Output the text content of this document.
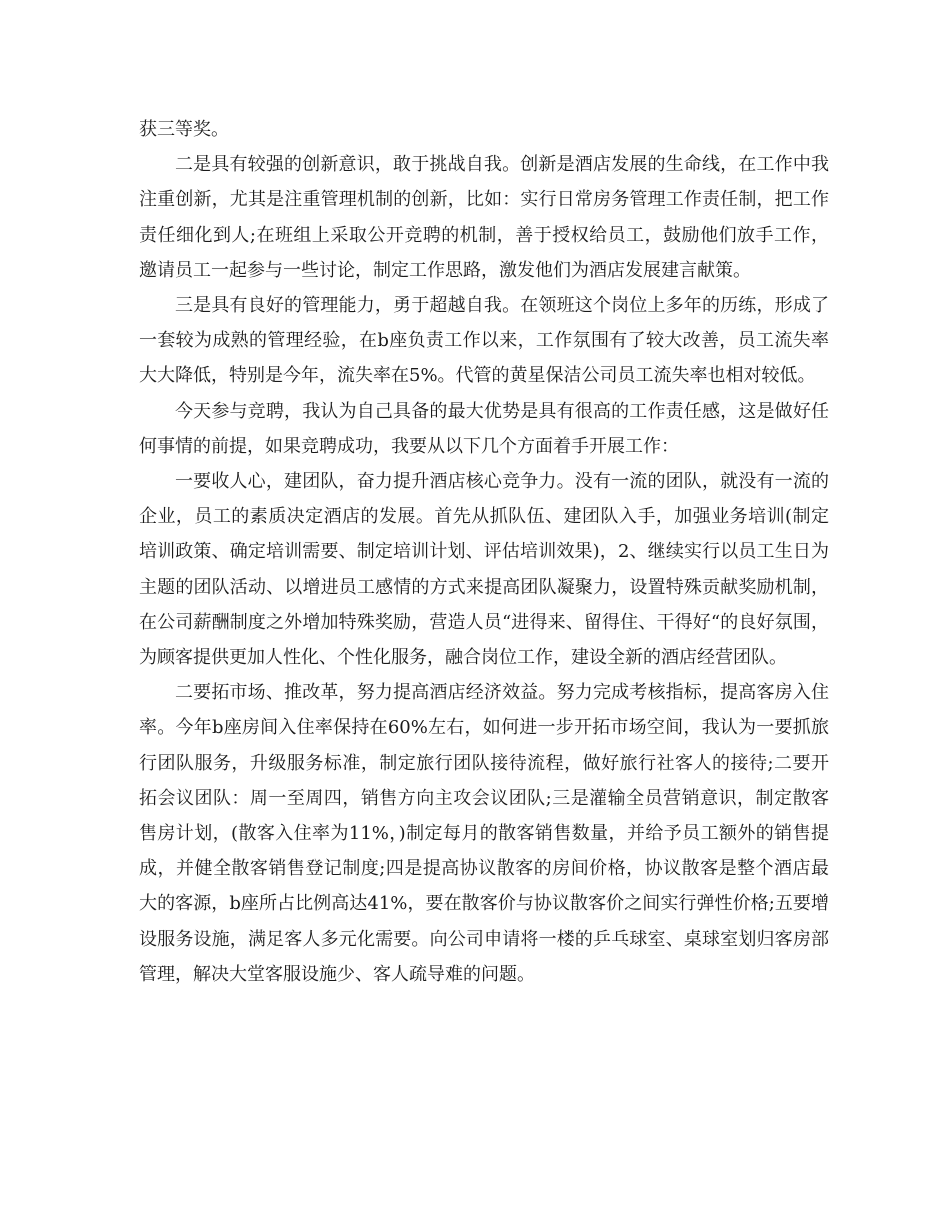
获三等奖。

二是具有较强的创新意识，敢于挑战自我。创新是酒店发展的生命线，在工作中我注重创新，尤其是注重管理机制的创新，比如：实行日常房务管理工作责任制，把工作责任细化到人;在班组上采取公开竞聘的机制，善于授权给员工，鼓励他们放手工作，邀请员工一起参与一些讨论，制定工作思路，激发他们为酒店发展建言献策。

三是具有良好的管理能力，勇于超越自我。在领班这个岗位上多年的历练，形成了一套较为成熟的管理经验，在b座负责工作以来，工作氛围有了较大改善，员工流失率大大降低，特别是今年，流失率在5%。代管的黄星保洁公司员工流失率也相对较低。

今天参与竞聘，我认为自己具备的最大优势是具有很高的工作责任感，这是做好任何事情的前提，如果竞聘成功，我要从以下几个方面着手开展工作：

一要收人心，建团队，奋力提升酒店核心竞争力。没有一流的团队，就没有一流的企业，员工的素质决定酒店的发展。首先从抓队伍、建团队入手，加强业务培训(制定培训政策、确定培训需要、制定培训计划、评估培训效果)，2、继续实行以员工生日为主题的团队活动、以增进员工感情的方式来提高团队凝聚力，设置特殊贡献奖励机制，在公司薪酬制度之外增加特殊奖励，营造人员“进得来、留得住、干得好“的良好氛围，为顾客提供更加人性化、个性化服务，融合岗位工作，建设全新的酒店经营团队。

二要拓市场、推改革，努力提高酒店经济效益。努力完成考核指标，提高客房入住率。今年b座房间入住率保持在60%左右，如何进一步开拓市场空间，我认为一要抓旅行团队服务，升级服务标准，制定旅行团队接待流程，做好旅行社客人的接待;二要开拓会议团队：周一至周四，销售方向主攻会议团队;三是灌输全员营销意识，制定散客售房计划，(散客入住率为11%，)制定每月的散客销售数量，并给予员工额外的销售提成，并健全散客销售登记制度;四是提高协议散客的房间价格，协议散客是整个酒店最大的客源，b座所占比例高达41%，要在散客价与协议散客价之间实行弹性价格;五要增设服务设施，满足客人多元化需要。向公司申请将一楼的乒乓球室、桌球室划归客房部管理，解决大堂客服设施少、客人疏导难的问题。
